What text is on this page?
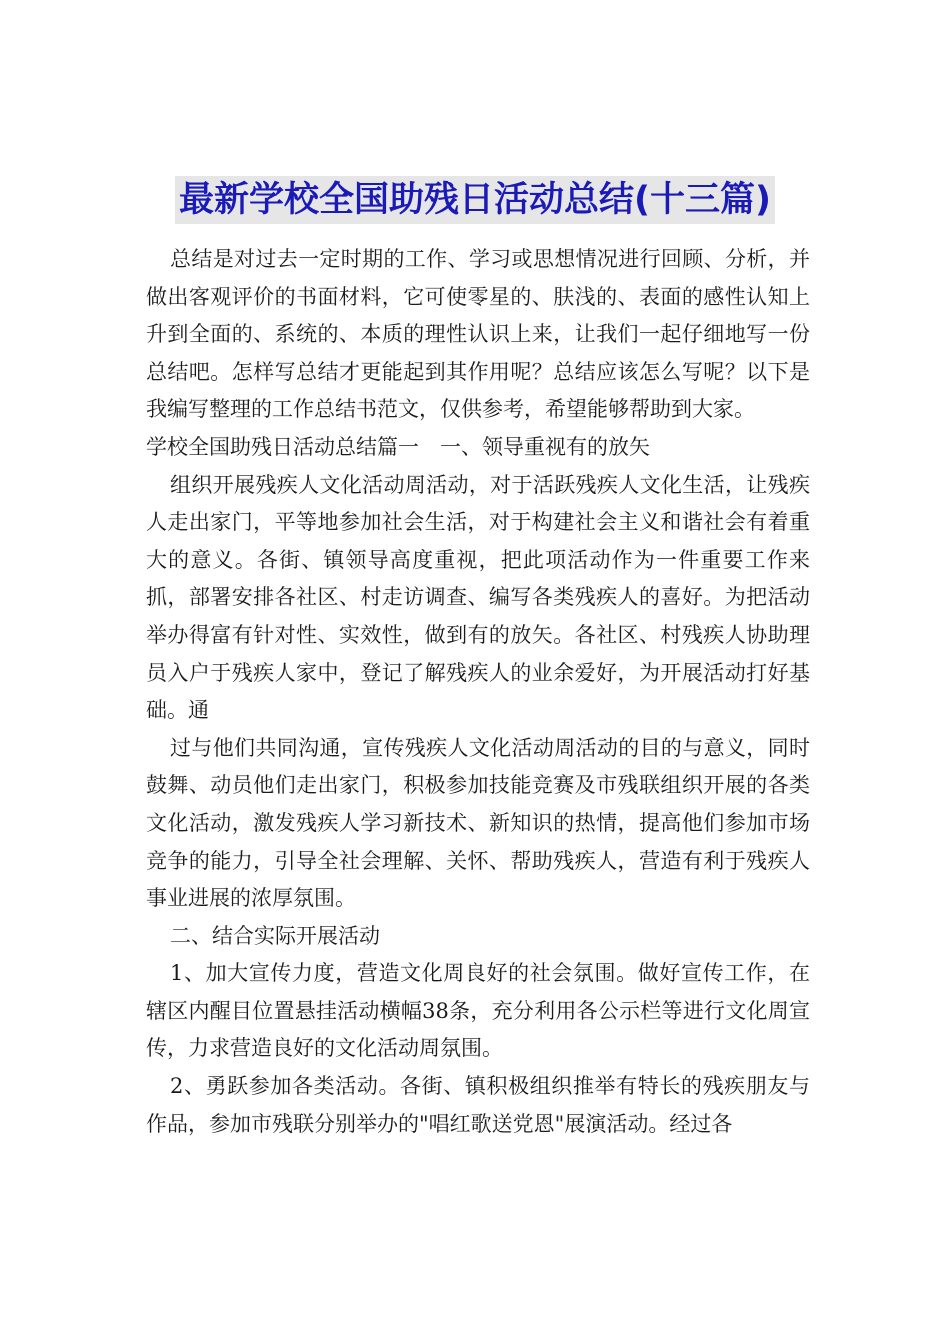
最新学校全国助残日活动总结(十三篇)

总结是对过去一定时期的工作、学习或思想情况进行回顾、分析，并做出客观评价的书面材料，它可使零星的、肤浅的、表面的感性认知上升到全面的、系统的、本质的理性认识上来，让我们一起仔细地写一份总结吧。怎样写总结才更能起到其作用呢？总结应该怎么写呢？以下是我编写整理的工作总结书范文，仅供参考，希望能够帮助到大家。

学校全国助残日活动总结篇一　一、领导重视有的放矢

组织开展残疾人文化活动周活动，对于活跃残疾人文化生活，让残疾人走出家门，平等地参加社会生活，对于构建社会主义和谐社会有着重大的意义。各街、镇领导高度重视，把此项活动作为一件重要工作来抓，部署安排各社区、村走访调查、编写各类残疾人的喜好。为把活动举办得富有针对性、实效性，做到有的放矢。各社区、村残疾人协助理员入户于残疾人家中，登记了解残疾人的业余爱好，为开展活动打好基础。通

过与他们共同沟通，宣传残疾人文化活动周活动的目的与意义，同时鼓舞、动员他们走出家门，积极参加技能竞赛及市残联组织开展的各类文化活动，激发残疾人学习新技术、新知识的热情，提高他们参加市场竞争的能力，引导全社会理解、关怀、帮助残疾人，营造有利于残疾人事业进展的浓厚氛围。

二、结合实际开展活动

1、加大宣传力度，营造文化周良好的社会氛围。做好宣传工作，在辖区内醒目位置悬挂活动横幅38条，充分利用各公示栏等进行文化周宣传，力求营造良好的文化活动周氛围。

2、勇跃参加各类活动。各街、镇积极组织推举有特长的残疾朋友与作品，参加市残联分别举办的"唱红歌送党恩"展演活动。经过各
